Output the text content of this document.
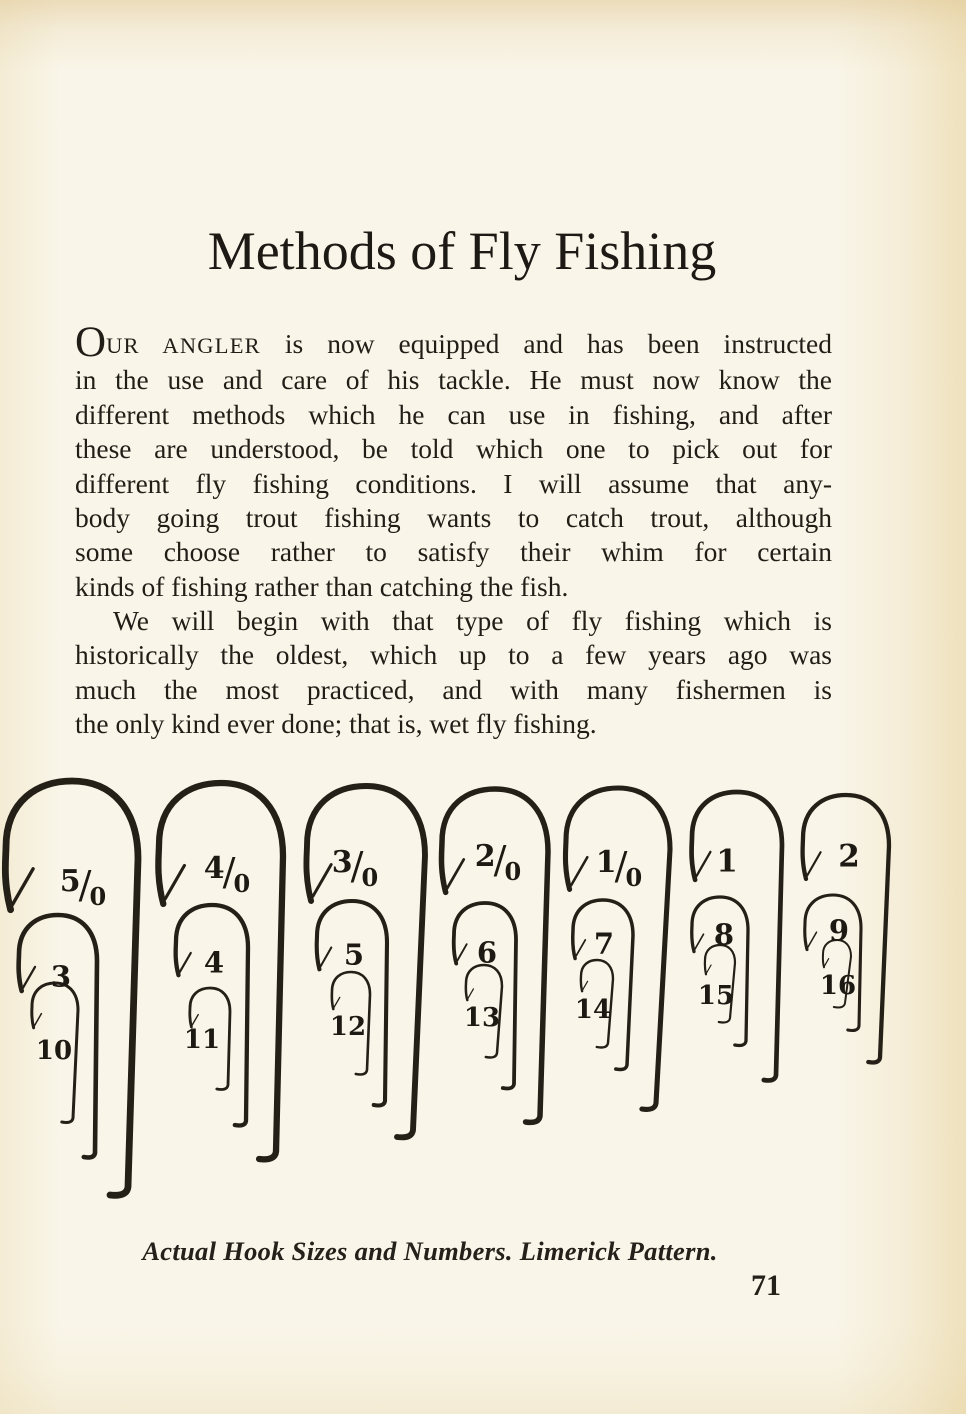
Methods of Fly Fishing
OUR ANGLER is now equipped and has been instructed
in the use and care of his tackle. He must now know the
different methods which he can use in fishing, and after
these are understood, be told which one to pick out for
different fly fishing conditions. I will assume that any-
body going trout fishing wants to catch trout, although
some choose rather to satisfy their whim for certain
kinds of fishing rather than catching the fish.
We will begin with that type of fly fishing which is
historically the oldest, which up to a few years ago was
much the most practiced, and with many fishermen is
the only kind ever done; that is, wet fly fishing.
5/0
3
10
4/0
4
11
3/0
5
12
2/0
6
13
1/0
7
14
1
8
15
2
9
16
Actual Hook Sizes and Numbers. Limerick Pattern.
71
